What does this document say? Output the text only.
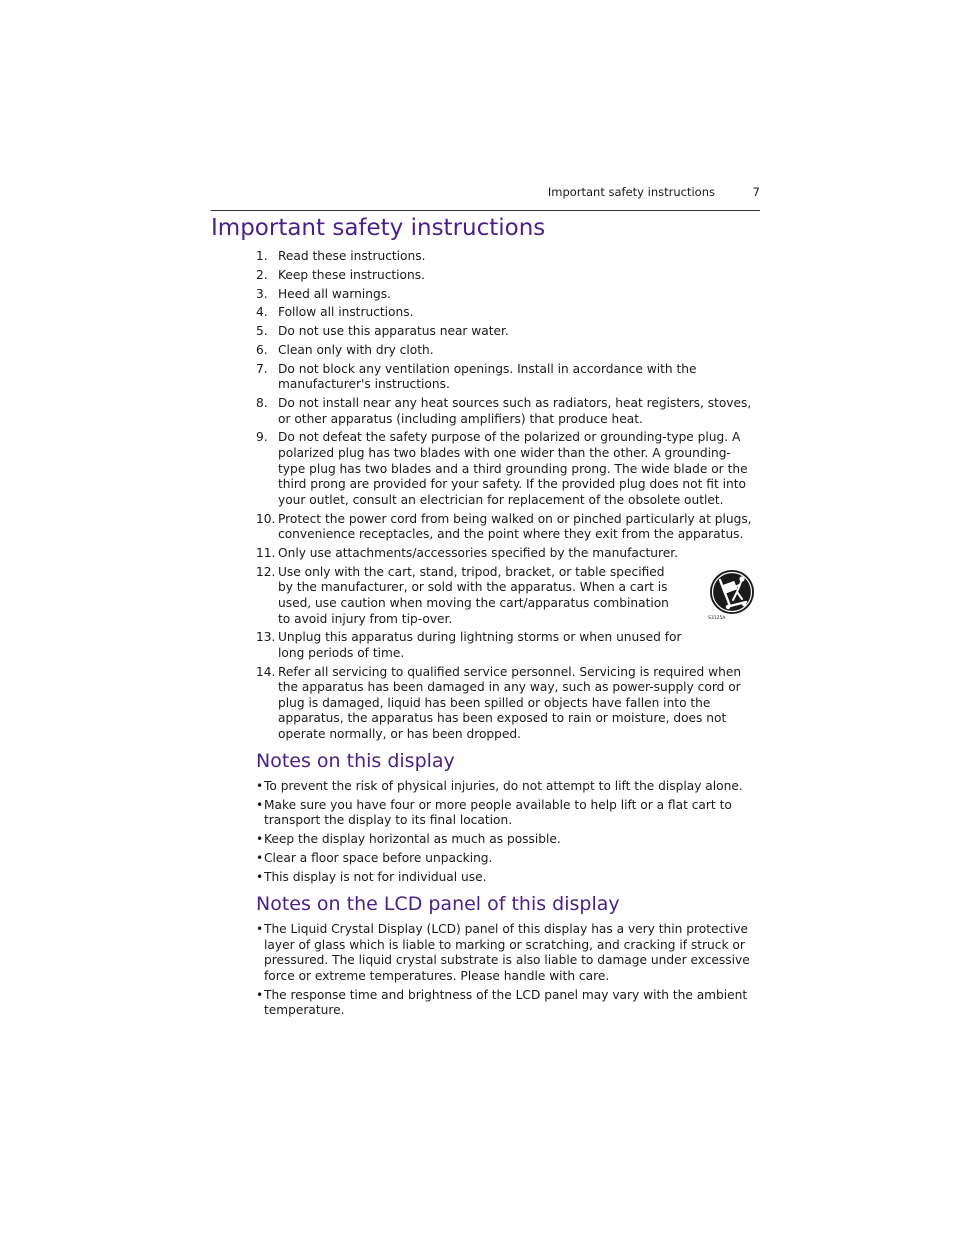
Important safety instructions	7
Important safety instructions
1. Read these instructions.
2. Keep these instructions.
3. Heed all warnings.
4. Follow all instructions.
5. Do not use this apparatus near water.
6. Clean only with dry cloth.
7. Do not block any ventilation openings. Install in accordance with the manufacturer's instructions.
8. Do not install near any heat sources such as radiators, heat registers, stoves, or other apparatus (including amplifiers) that produce heat.
9. Do not defeat the safety purpose of the polarized or grounding-type plug. A polarized plug has two blades with one wider than the other. A grounding-type plug has two blades and a third grounding prong. The wide blade or the third prong are provided for your safety. If the provided plug does not fit into your outlet, consult an electrician for replacement of the obsolete outlet.
10. Protect the power cord from being walked on or pinched particularly at plugs, convenience receptacles, and the point where they exit from the apparatus.
11. Only use attachments/accessories specified by the manufacturer.
12. Use only with the cart, stand, tripod, bracket, or table specified by the manufacturer, or sold with the apparatus. When a cart is used, use caution when moving the cart/apparatus combination to avoid injury from tip-over.
13. Unplug this apparatus during lightning storms or when unused for long periods of time.
14. Refer all servicing to qualified service personnel. Servicing is required when the apparatus has been damaged in any way, such as power-supply cord or plug is damaged, liquid has been spilled or objects have fallen into the apparatus, the apparatus has been exposed to rain or moisture, does not operate normally, or has been dropped.
S3125A
Notes on this display
• To prevent the risk of physical injuries, do not attempt to lift the display alone.
• Make sure you have four or more people available to help lift or a flat cart to transport the display to its final location.
• Keep the display horizontal as much as possible.
• Clear a floor space before unpacking.
• This display is not for individual use.
Notes on the LCD panel of this display
• The Liquid Crystal Display (LCD) panel of this display has a very thin protective layer of glass which is liable to marking or scratching, and cracking if struck or pressured. The liquid crystal substrate is also liable to damage under excessive force or extreme temperatures. Please handle with care.
• The response time and brightness of the LCD panel may vary with the ambient temperature.
